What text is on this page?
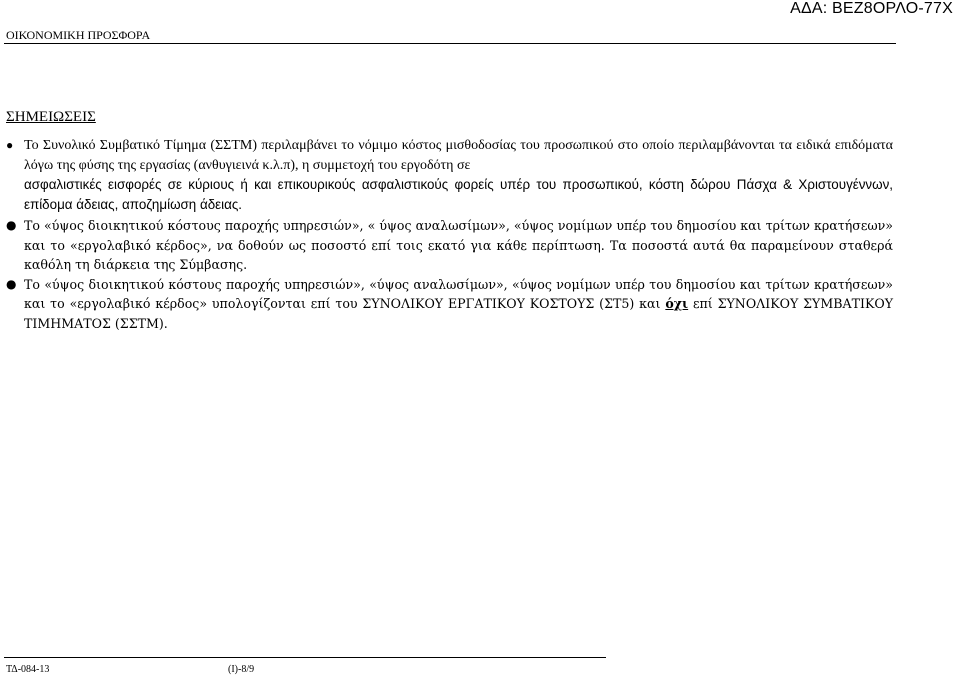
ΑΔΑ: ΒΕΖ8ΟΡΛΟ-77Χ
ΟΙΚΟΝΟΜΙΚΗ ΠΡΟΣΦΟΡΑ
ΣΗΜΕΙΩΣΕΙΣ
● Το Συνολικό Συμβατικό Τίμημα (ΣΣΤΜ) περιλαμβάνει το νόμιμο κόστος μισθοδοσίας του προσωπικού στο οποίο περιλαμβάνονται τα ειδικά επιδόματα λόγω της φύσης της εργασίας (ανθυγιεινά κ.λ.π), η συμμετοχή του εργοδότη σε
ασφαλιστικές εισφορές σε κύριους ή και επικουρικούς ασφαλιστικούς φορείς υπέρ του προσωπικού, κόστη δώρου Πάσχα & Χριστουγέννων, επίδομα άδειας, αποζημίωση άδειας.
● Το «ύψος διοικητικού κόστους παροχής υπηρεσιών», « ύψος αναλωσίμων», «ύψος νομίμων υπέρ του δημοσίου και τρίτων κρατήσεων» και το «εργολαβικό κέρδος», να δοθούν ως ποσοστό επί τοις εκατό για κάθε περίπτωση. Τα ποσοστά αυτά θα παραμείνουν σταθερά καθόλη τη διάρκεια της Σύμβασης.
● Το «ύψος διοικητικού κόστους παροχής υπηρεσιών», «ύψος αναλωσίμων», «ύψος νομίμων υπέρ του δημοσίου και τρίτων κρατήσεων» και το «εργολαβικό κέρδος» υπολογίζονται επί του ΣΥΝΟΛΙΚΟΥ ΕΡΓΑΤΙΚΟΥ ΚΟΣΤΟΥΣ (ΣΤ5) και όχι επί ΣΥΝΟΛΙΚΟΥ ΣΥΜΒΑΤΙΚΟΥ ΤΙΜΗΜΑΤΟΣ (ΣΣΤΜ).
ΤΔ-084-13	(Ι)-8/9
